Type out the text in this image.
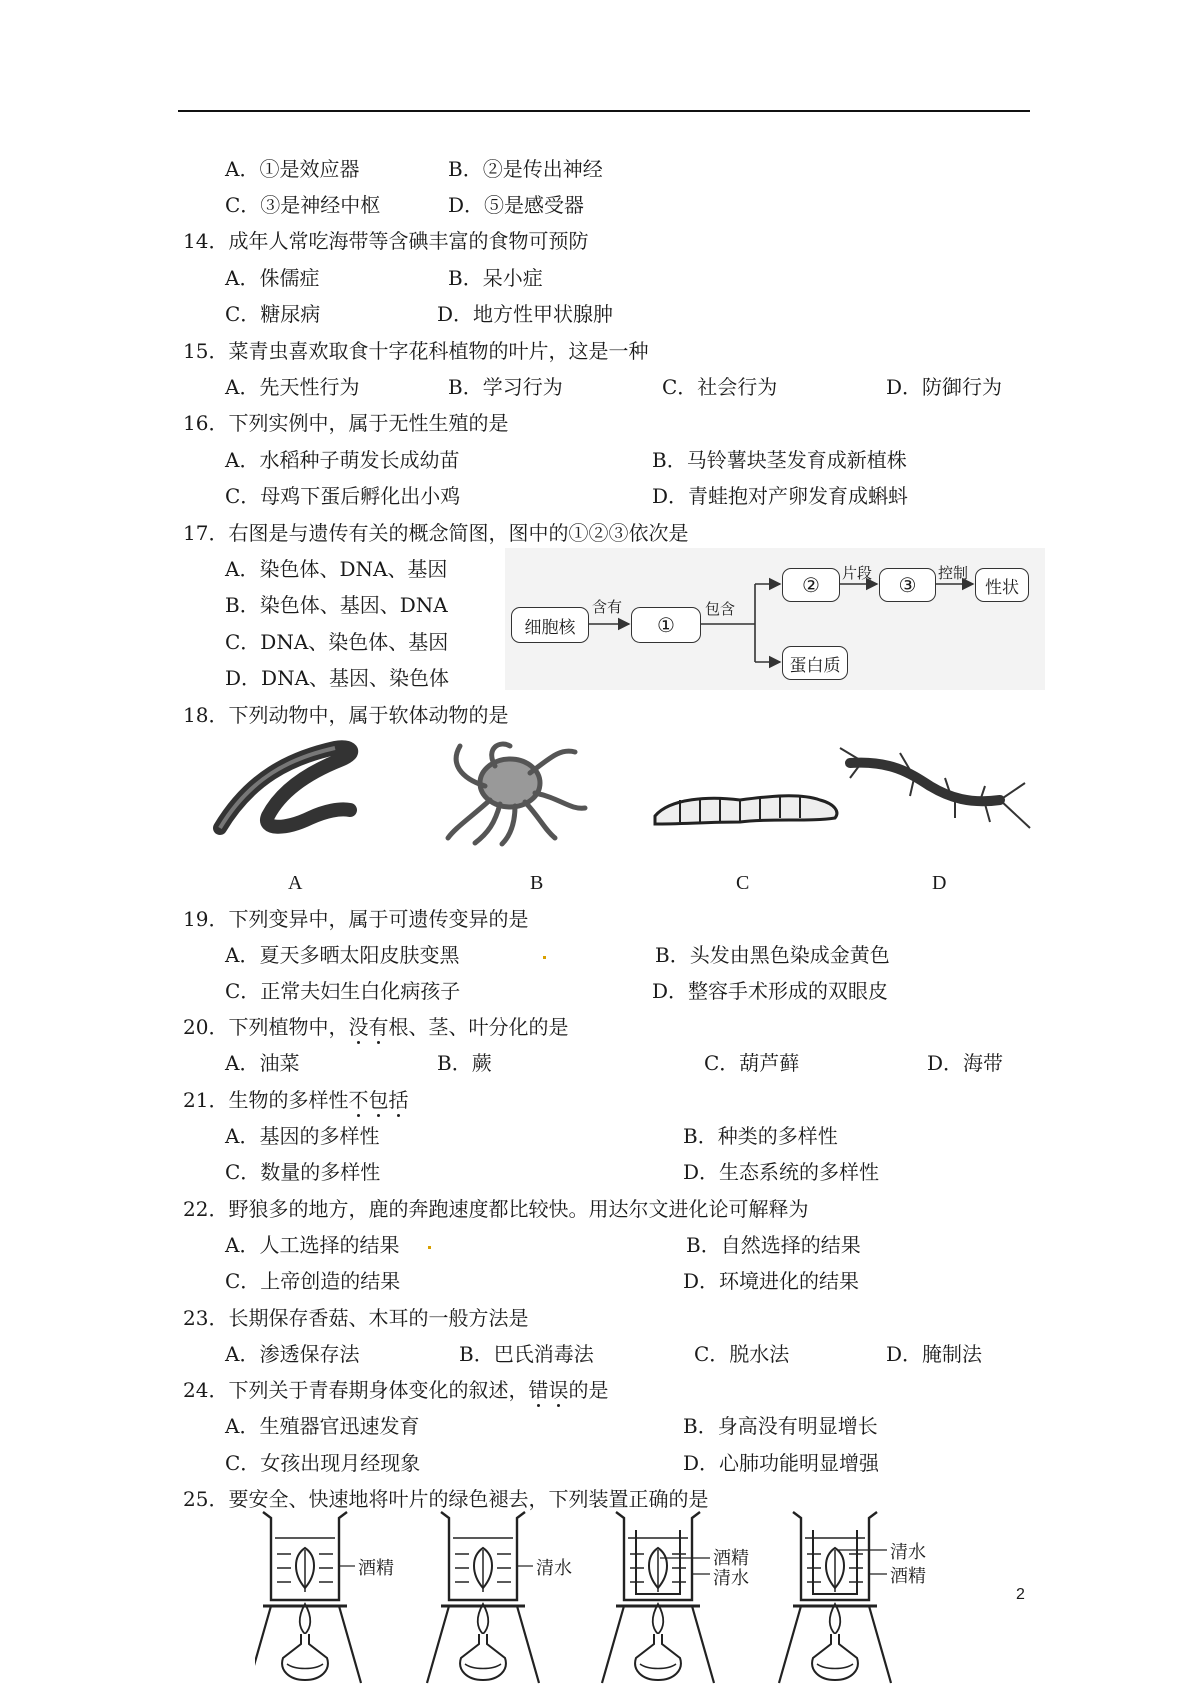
A．①是效应器	B．②是传出神经
C．③是神经中枢	D．⑤是感受器
14．成年人常吃海带等含碘丰富的食物可预防
A．侏儒症	B．呆小症
C．糖尿病	D．地方性甲状腺肿
15．菜青虫喜欢取食十字花科植物的叶片，这是一种
A．先天性行为	B．学习行为	C．社会行为	D．防御行为
16．下列实例中，属于无性生殖的是
A．水稻种子萌发长成幼苗	B．马铃薯块茎发育成新植株
C．母鸡下蛋后孵化出小鸡	D．青蛙抱对产卵发育成蝌蚪
17．右图是与遗传有关的概念简图，图中的①②③依次是
A．染色体、DNA、基因
B．染色体、基因、DNA
C．DNA、染色体、基因
D．DNA、基因、染色体
细胞核
含有
①
包含
②	片段	③	控制
性状
蛋白质
18．下列动物中，属于软体动物的是
A	B	C	D
19．下列变异中，属于可遗传变异的是
A．夏天多晒太阳皮肤变黑	B．头发由黑色染成金黄色
C．正常夫妇生白化病孩子	D．整容手术形成的双眼皮
20．下列植物中，没有根、茎、叶分化的是
A．油菜	B．蕨	C．葫芦藓	D．海带
21．生物的多样性不包括
A．基因的多样性	B．种类的多样性
C．数量的多样性	D．生态系统的多样性
22．野狼多的地方，鹿的奔跑速度都比较快。用达尔文进化论可解释为
A．人工选择的结果	B．自然选择的结果
C．上帝创造的结果	D．环境进化的结果
23．长期保存香菇、木耳的一般方法是
A．渗透保存法	B．巴氏消毒法	C．脱水法	D．腌制法
24．下列关于青春期身体变化的叙述，错误的是
A．生殖器官迅速发育	B．身高没有明显增长
C．女孩出现月经现象	D．心肺功能明显增强
25．要安全、快速地将叶片的绿色褪去，下列装置正确的是
酒精	清水	酒精
清水
清水
酒精
2
